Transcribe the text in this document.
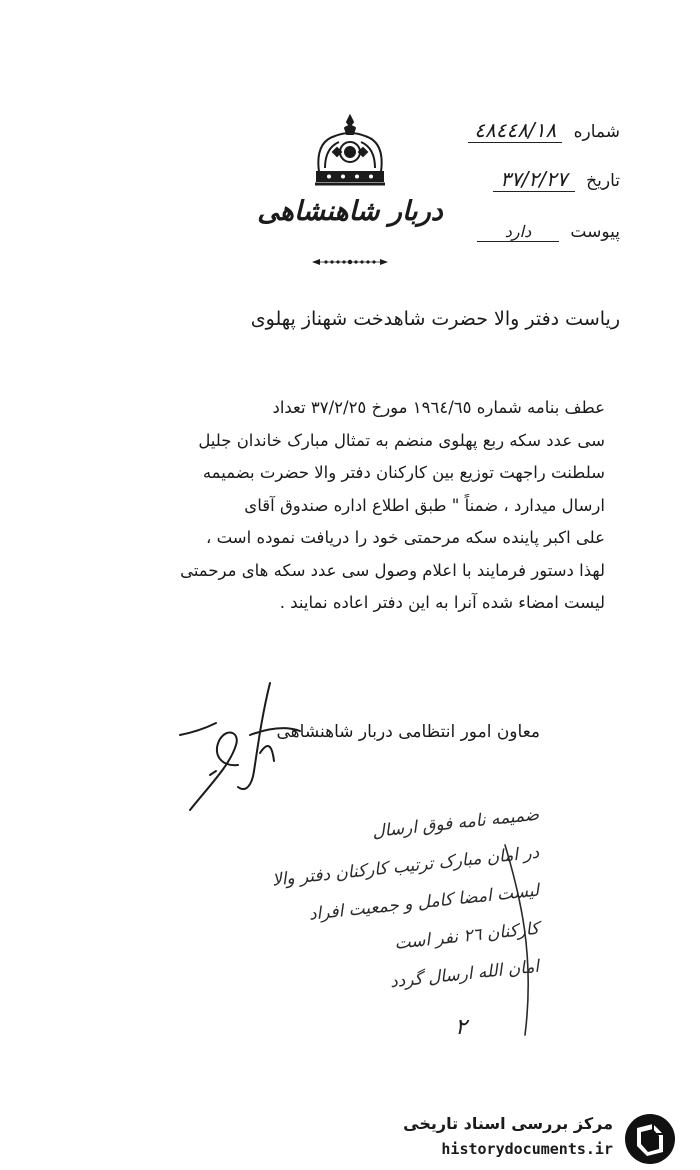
شماره ٤٨٤٤٨/١٨
تاریخ ٣٧/٢/٢٧
پیوست دارد
دربار شاهنشاهی
ریاست دفتر والا حضرت شاهدخت شهناز پهلوی

عطف بنامه شماره ١٩٦٤/٦٥ مورخ ٣٧/٢/٢٥ تعداد

سی عدد سکه ربع پهلوی منضم به تمثال مبارک خاندان جلیل

سلطنت راجهت توزیع بین کارکنان دفتر والا حضرت بضمیمه

ارسال میدارد ، ضمناً " طبق اطلاع اداره صندوق آقای

علی اکبر پاینده سکه مرحمتی خود را دریافت نموده است ،

لهذا دستور فرمایند با اعلام وصول سی عدد سکه های مرحمتی

لیست امضاء شده آنرا به این دفتر اعاده نمایند .

معاون امور انتظامی دربار شاهنشاهی

ضمیمه نامه فوق ارسال

در امان مبارک ترتیب کارکنان دفتر والا

لیست امضا کامل و جمعیت افراد

کارکنان ٢٦ نفر است

امان الله ارسال گردد

٢
مرکز بررسی اسناد تاریخی
historydocuments.ir
